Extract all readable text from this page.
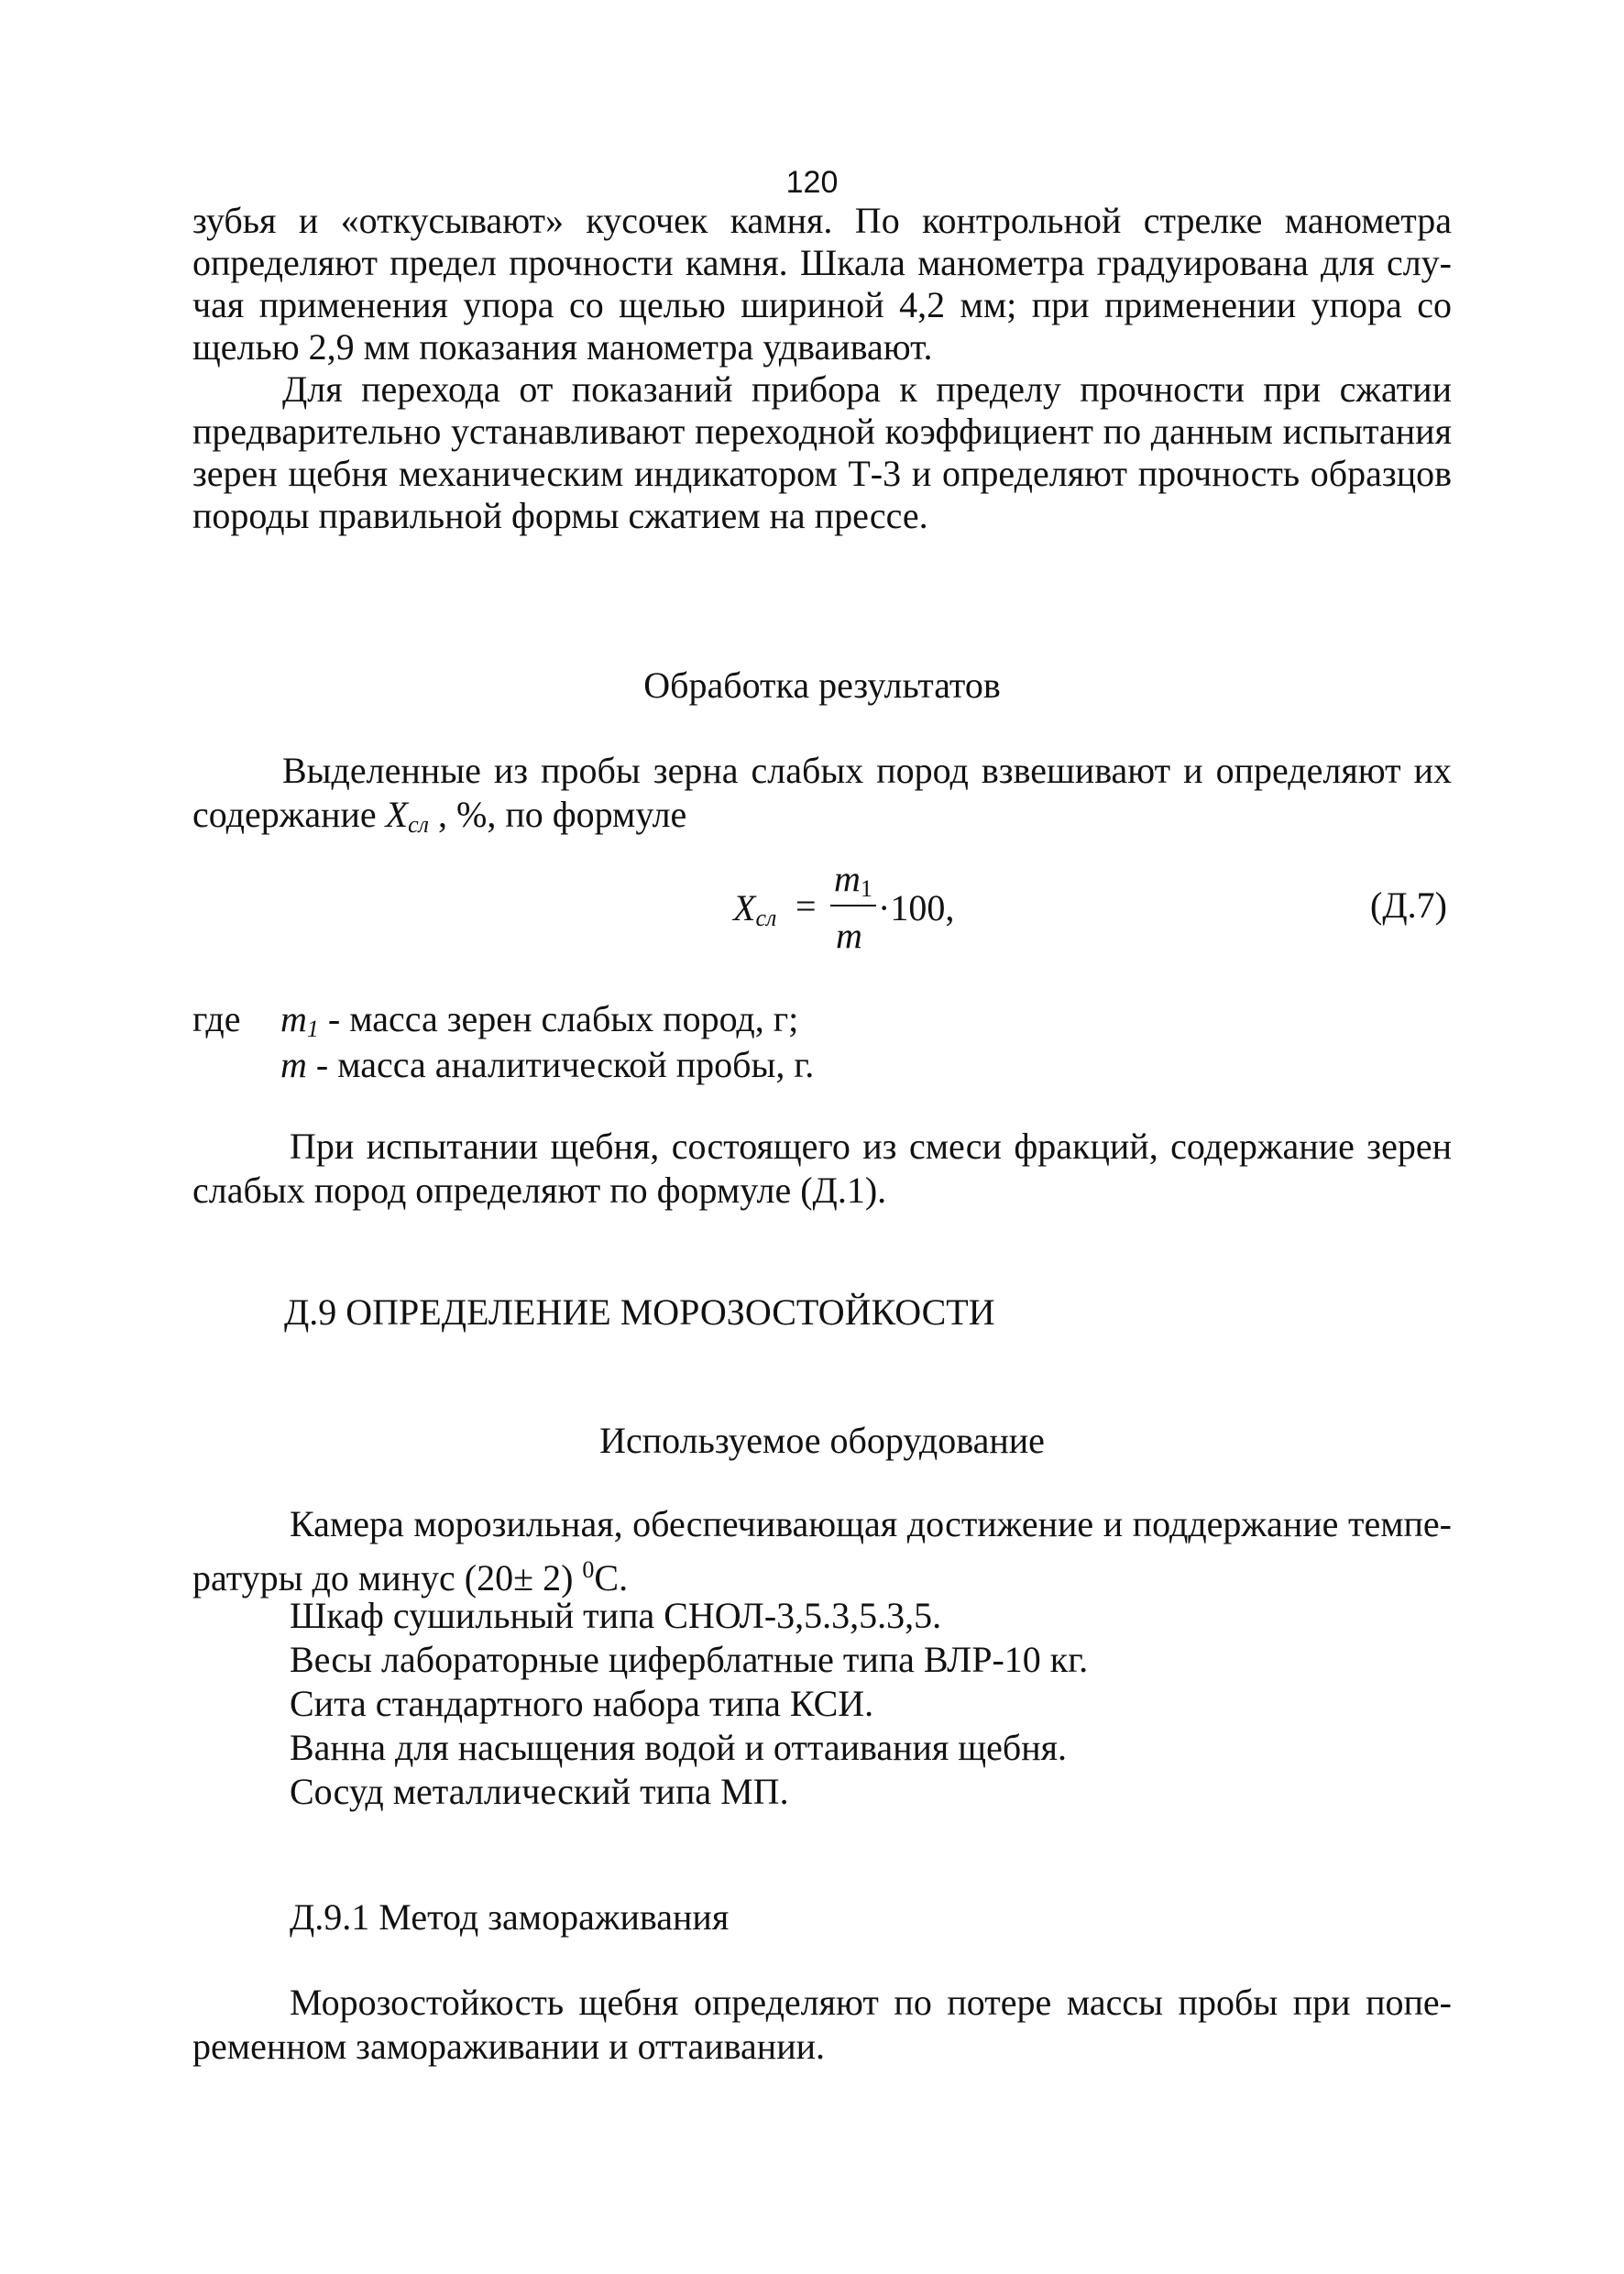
120
зубья и «откусывают» кусочек камня. По контрольной стрелке манометра
определяют предел прочности камня. Шкала манометра градуирована для слу-
чая применения упора со щелью шириной 4,2 мм; при применении упора со
щелью 2,9 мм показания манометра удваивают.
Для перехода от показаний прибора к пределу прочности при сжатии
предварительно устанавливают переходной коэффициент по данным испытания
зерен щебня механическим индикатором Т-3 и определяют прочность образцов
породы правильной формы сжатием на прессе.
Обработка результатов
Выделенные из пробы зерна слабых пород взвешивают и определяют их
содержание $X_{сл}$ , %, по формуле
$X_{сл}$ =
$m_1$
m
·100,	(Д.7)
где $m_1$ - масса зерен слабых пород, г;
m - масса аналитической пробы, г.
При испытании щебня, состоящего из смеси фракций, содержание зерен
слабых пород определяют по формуле (Д.1).
Д.9 ОПРЕДЕЛЕНИЕ МОРОЗОСТОЙКОСТИ
Используемое оборудование
Камера морозильная, обеспечивающая достижение и поддержание темпе-
ратуры до минус (20± 2) $^0$С.
Шкаф сушильный типа СНОЛ-3,5.3,5.3,5.
Весы лабораторные циферблатные типа ВЛР-10 кг.
Сита стандартного набора типа КСИ.
Ванна для насыщения водой и оттаивания щебня.
Сосуд металлический типа МП.
Д.9.1 Метод замораживания
Морозостойкость щебня определяют по потере массы пробы при попе-
ременном замораживании и оттаивании.
